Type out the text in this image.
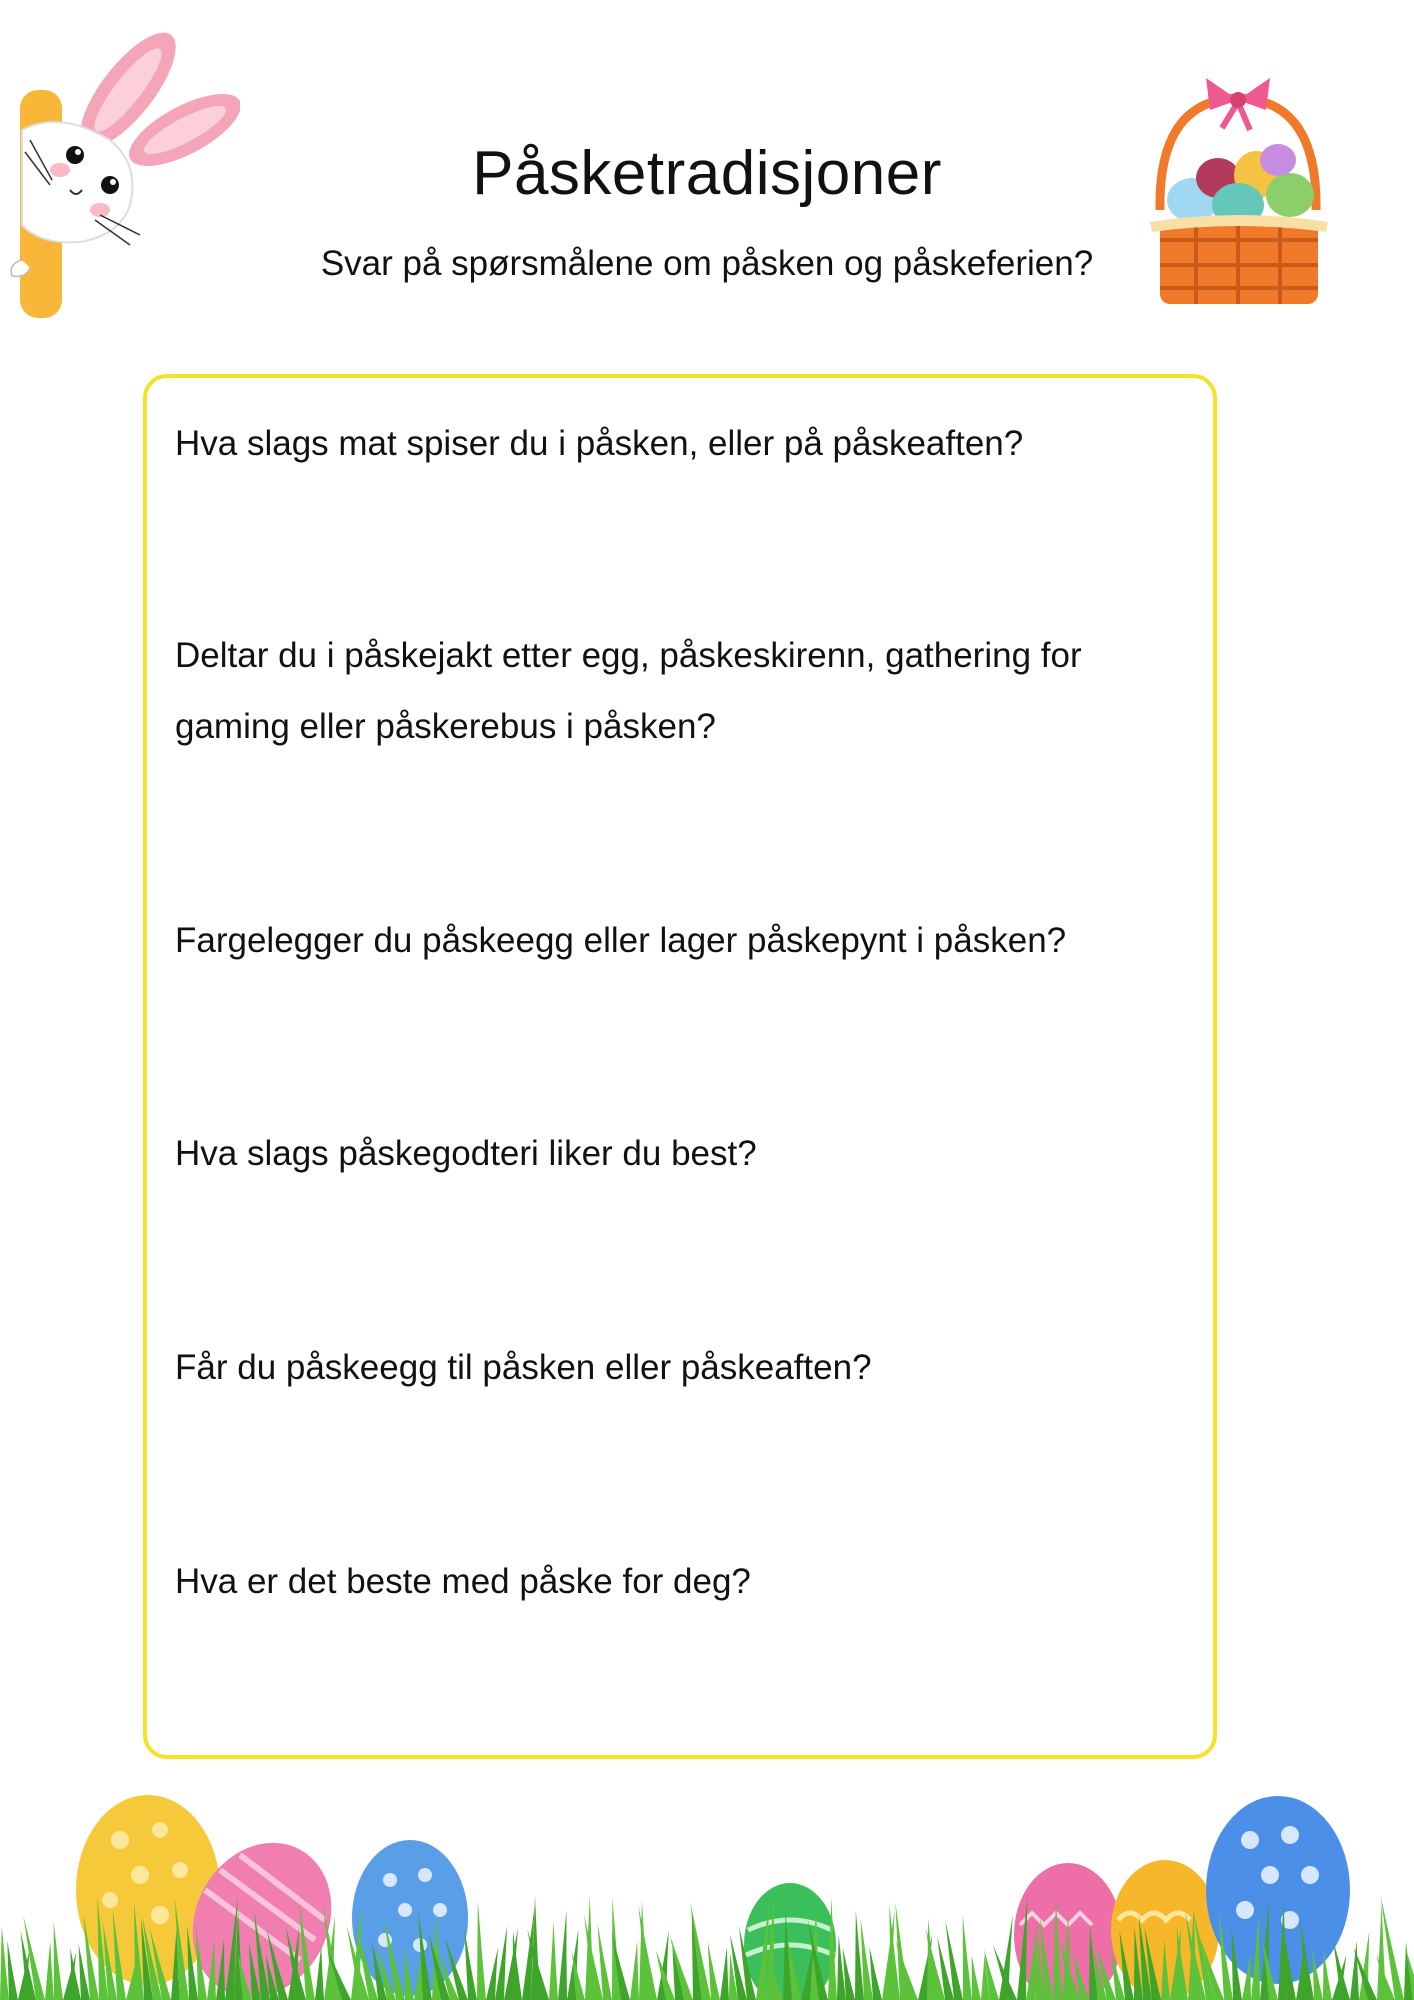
Påsketradisjoner
Svar på spørsmålene om påsken og påskeferien?
Hva slags mat spiser du i påsken, eller på påskeaften?
Deltar du i påskejakt etter egg, påskeskirenn, gathering for gaming eller påskerebus i påsken?
Fargelegger du påskeegg eller lager påskepynt i påsken?
Hva slags påskegodteri liker du best?
Får du påskeegg til påsken eller påskeaften?
Hva er det beste med påske for deg?
